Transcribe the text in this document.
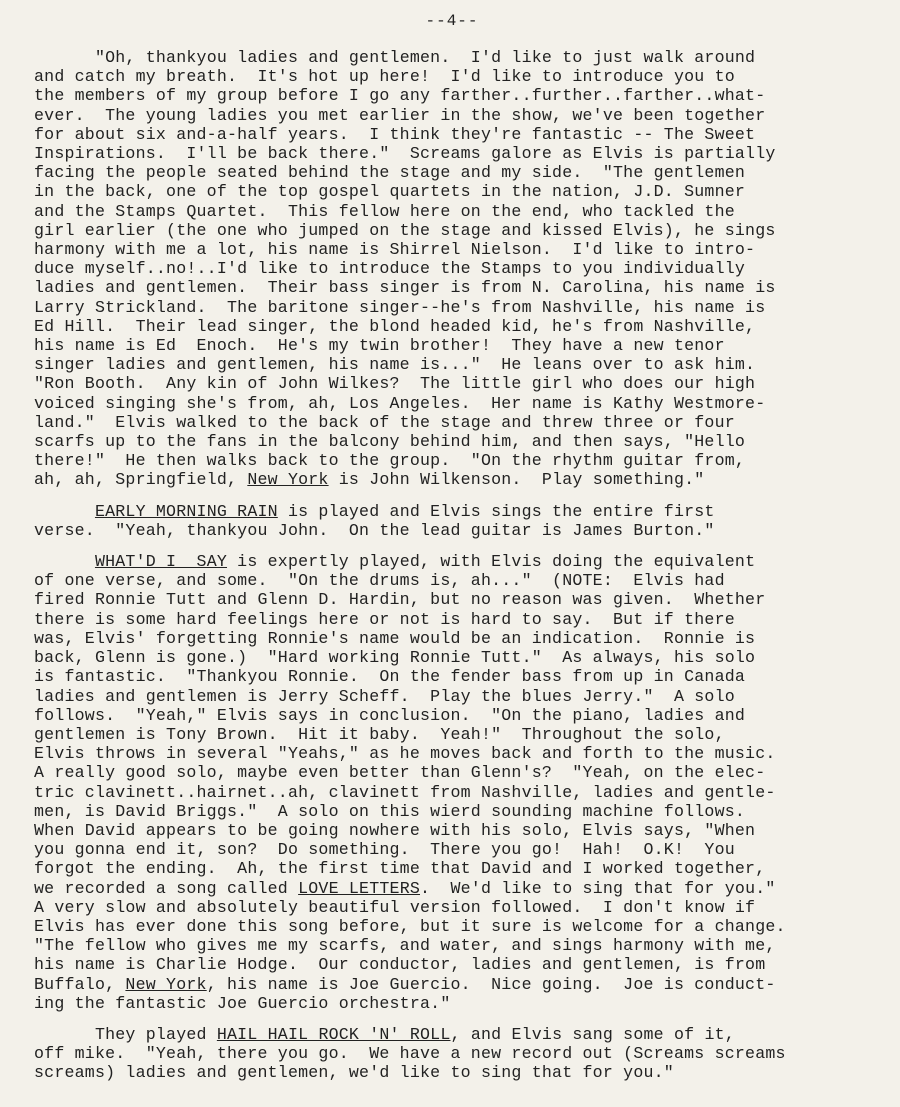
--4--
"Oh, thankyou ladies and gentlemen.  I'd like to just walk around
and catch my breath.  It's hot up here!  I'd like to introduce you to
the members of my group before I go any farther..further..farther..what-
ever.  The young ladies you met earlier in the show, we've been together
for about six and-a-half years.  I think they're fantastic -- The Sweet
Inspirations.  I'll be back there."  Screams galore as Elvis is partially
facing the people seated behind the stage and my side.  "The gentlemen
in the back, one of the top gospel quartets in the nation, J.D. Sumner
and the Stamps Quartet.  This fellow here on the end, who tackled the
girl earlier (the one who jumped on the stage and kissed Elvis), he sings
harmony with me a lot, his name is Shirrel Nielson.  I'd like to intro-
duce myself..no!..I'd like to introduce the Stamps to you individually
ladies and gentlemen.  Their bass singer is from N. Carolina, his name is
Larry Strickland.  The baritone singer--he's from Nashville, his name is
Ed Hill.  Their lead singer, the blond headed kid, he's from Nashville,
his name is Ed  Enoch.  He's my twin brother!  They have a new tenor
singer ladies and gentlemen, his name is..."  He leans over to ask him.
"Ron Booth.  Any kin of John Wilkes?  The little girl who does our high
voiced singing she's from, ah, Los Angeles.  Her name is Kathy Westmore-
land."  Elvis walked to the back of the stage and threw three or four
scarfs up to the fans in the balcony behind him, and then says, "Hello
there!"  He then walks back to the group.  "On the rhythm guitar from,
ah, ah, Springfield, New York is John Wilkenson.  Play something."
EARLY MORNING RAIN is played and Elvis sings the entire first
verse.  "Yeah, thankyou John.  On the lead guitar is James Burton."
WHAT'D I  SAY is expertly played, with Elvis doing the equivalent
of one verse, and some.  "On the drums is, ah..."  (NOTE:  Elvis had
fired Ronnie Tutt and Glenn D. Hardin, but no reason was given.  Whether
there is some hard feelings here or not is hard to say.  But if there
was, Elvis' forgetting Ronnie's name would be an indication.  Ronnie is
back, Glenn is gone.)  "Hard working Ronnie Tutt."  As always, his solo
is fantastic.  "Thankyou Ronnie.  On the fender bass from up in Canada
ladies and gentlemen is Jerry Scheff.  Play the blues Jerry."  A solo
follows.  "Yeah," Elvis says in conclusion.  "On the piano, ladies and
gentlemen is Tony Brown.  Hit it baby.  Yeah!"  Throughout the solo,
Elvis throws in several "Yeahs," as he moves back and forth to the music.
A really good solo, maybe even better than Glenn's?  "Yeah, on the elec-
tric clavinett..hairnet..ah, clavinett from Nashville, ladies and gentle-
men, is David Briggs."  A solo on this wierd sounding machine follows.
When David appears to be going nowhere with his solo, Elvis says, "When
you gonna end it, son?  Do something.  There you go!  Hah!  O.K!  You
forgot the ending.  Ah, the first time that David and I worked together,
we recorded a song called LOVE LETTERS.  We'd like to sing that for you."
A very slow and absolutely beautiful version followed.  I don't know if
Elvis has ever done this song before, but it sure is welcome for a change.
"The fellow who gives me my scarfs, and water, and sings harmony with me,
his name is Charlie Hodge.  Our conductor, ladies and gentlemen, is from
Buffalo, New York, his name is Joe Guercio.  Nice going.  Joe is conduct-
ing the fantastic Joe Guercio orchestra."
They played HAIL HAIL ROCK 'N' ROLL, and Elvis sang some of it,
off mike.  "Yeah, there you go.  We have a new record out (Screams screams
screams) ladies and gentlemen, we'd like to sing that for you."
